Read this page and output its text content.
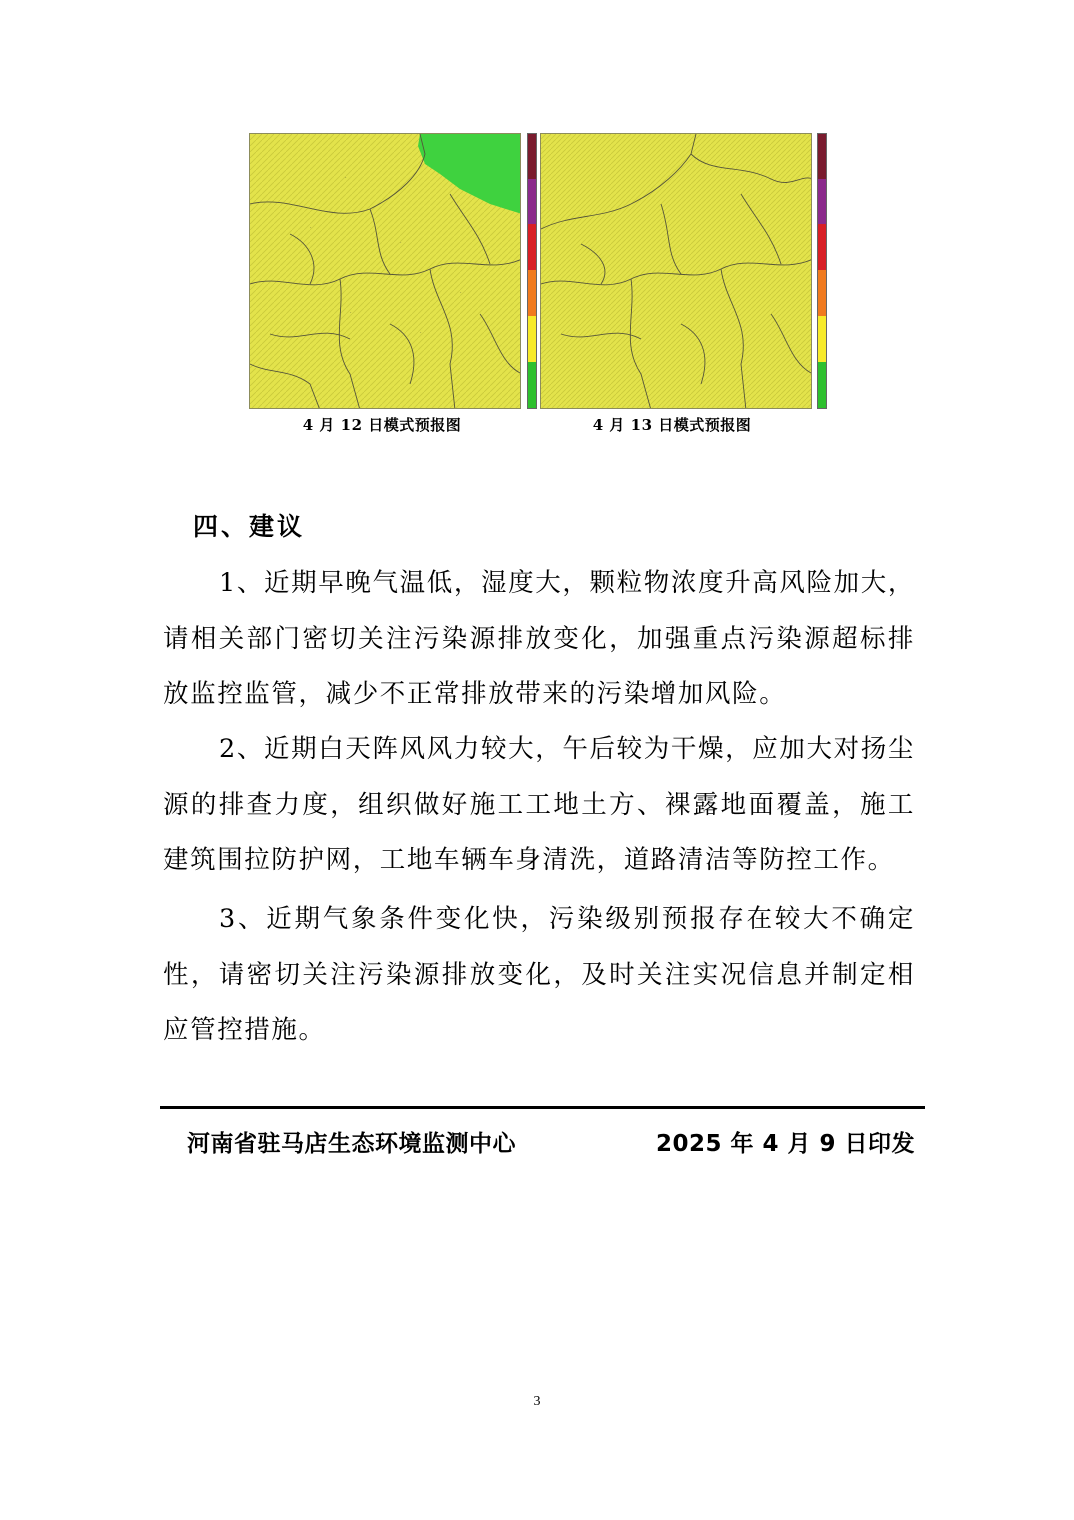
·
·
·
·
·
·
4 月 12 日模式预报图	4 月 13 日模式预报图
四、建议
1、近期早晚气温低，湿度大，颗粒物浓度升高风险加大，请相关部门密切关注污染源排放变化，加强重点污染源超标排放监控监管，减少不正常排放带来的污染增加风险。
2、近期白天阵风风力较大，午后较为干燥，应加大对扬尘源的排查力度，组织做好施工工地土方、裸露地面覆盖，施工建筑围拉防护网，工地车辆车身清洗，道路清洁等防控工作。
3、近期气象条件变化快，污染级别预报存在较大不确定性，请密切关注污染源排放变化，及时关注实况信息并制定相应管控措施。
河南省驻马店生态环境监测中心	2025 年 4 月 9 日印发
3
